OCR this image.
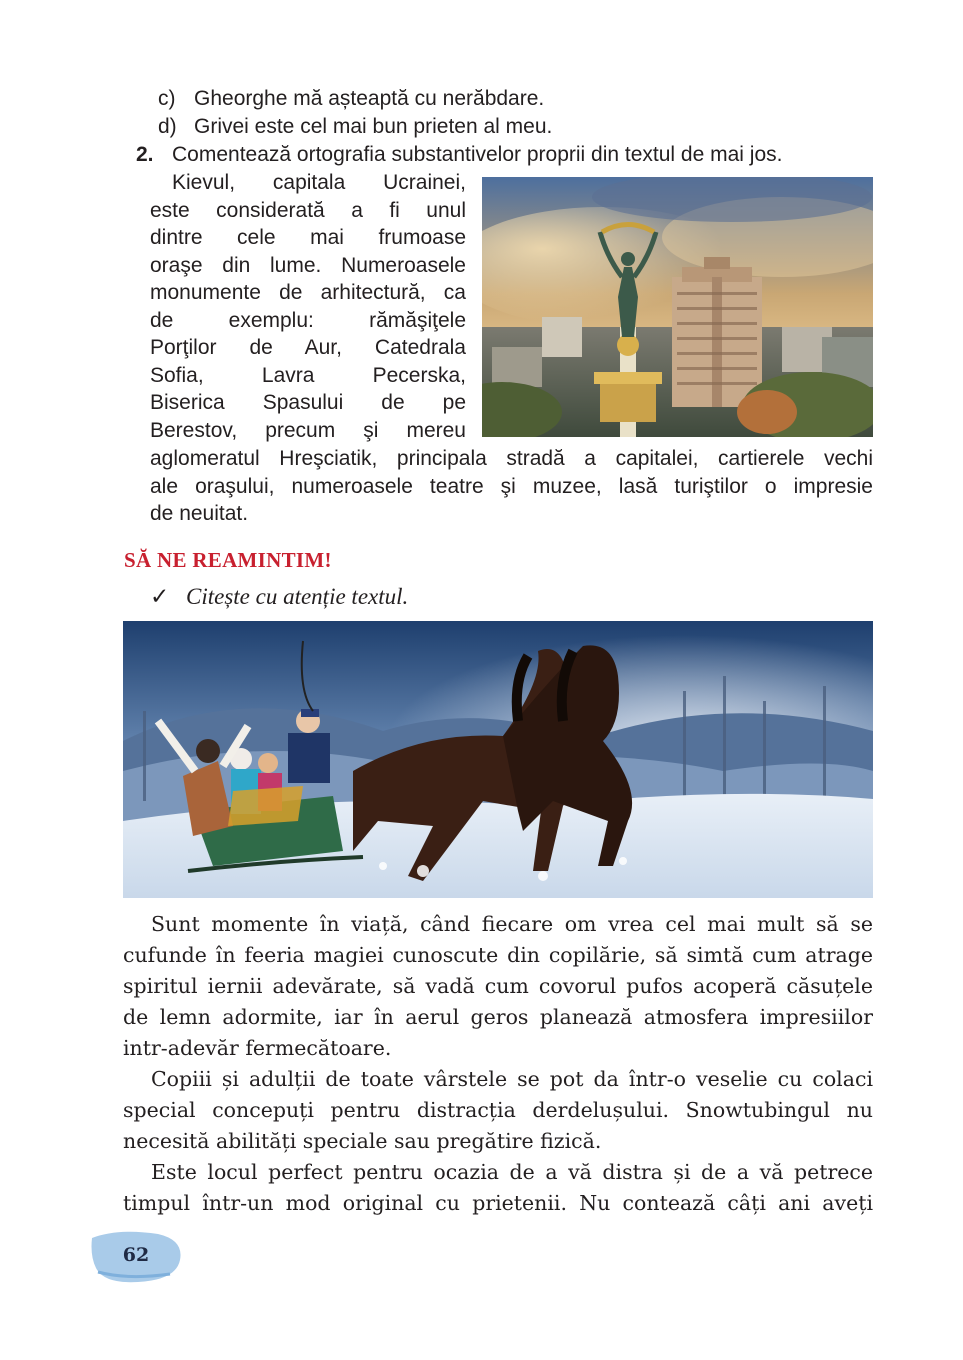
c) Gheorghe mă așteaptă cu nerăbdare.
d) Grivei este cel mai bun prieten al meu.
2. Comentează ortografia substantivelor proprii din textul de mai jos.
Kievul, capitala Ucrainei,
este considerată a fi unul
dintre cele mai frumoase
oraşe din lume. Numeroasele
monumente de arhitectură, ca
de exemplu: rămăşiţele
Porţilor de Aur, Catedrala
Sofia, Lavra Pecerska,
Biserica Spasului de pe
Berestov, precum şi mereu
aglomeratul Hreşciatik, principala stradă a capitalei, cartierele vechi
ale oraşului, numeroasele teatre şi muzee, lasă turiştilor o impresie
de neuitat.
SĂ NE REAMINTIM!
✓ Citește cu atenție textul.
Sunt momente în viață, când fiecare om vrea cel mai mult să se
cufunde în feeria magiei cunoscute din copilărie, să simtă cum atrage
spiritul iernii adevărate, să vadă cum covorul pufos acoperă căsuțele
de lemn adormite, iar în aerul geros planează atmosfera impresiilor
intr-adevăr fermecătoare.
Copiii și adulții de toate vârstele se pot da într-o veselie cu colaci
special concepuți pentru distracția derdelușului. Snowtubingul nu
necesită abilități speciale sau pregătire fizică.
Este locul perfect pentru ocazia de a vă distra și de a vă petrece
timpul într-un mod original cu prietenii. Nu contează câți ani aveți
62
